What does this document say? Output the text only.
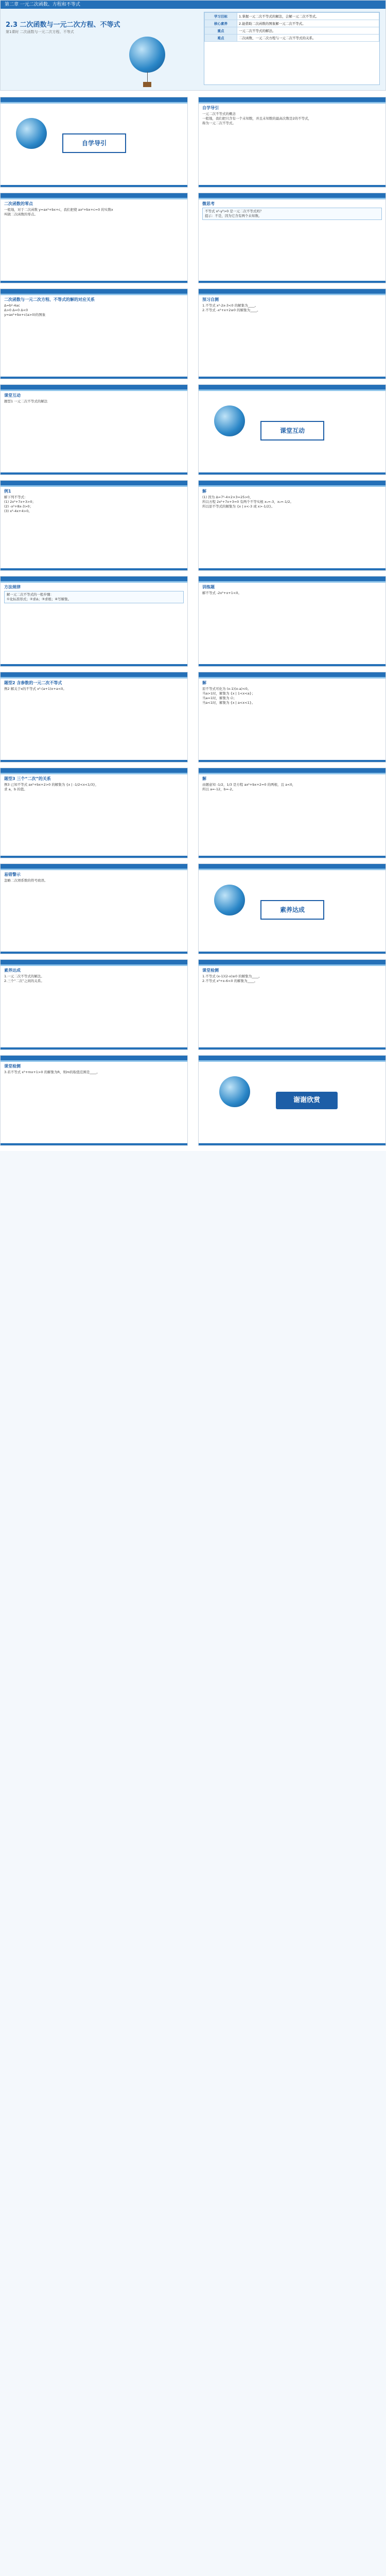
第二章 一元二次函数、方程和不等式
2.3 二次函数与一元二次方程、不等式
第1课时 二次函数与一元二次方程、不等式
学习目标	1.掌握一元二次不等式的解法，会解一元二次不等式。
核心素养	2.能借助二次函数的图象解一元二次不等式。
重点	一元二次不等式的解法。
难点	二次函数、一元二次方程与一元二次不等式的关系。
自学导引
自学导引
一元二次不等式的概念
一般地，我们把只含有一个未知数，并且未知数的最高次数是2的不等式，
称为一元二次不等式。
二次函数的零点
一般地，对于二次函数 y=ax²+bx+c，我们把使 ax²+bx+c=0 的实数x
叫做二次函数的零点。
微思考
不等式 x²-y²>0 是一元二次不等式吗？
提示：不是，因为它含有两个未知数。
二次函数与一元二次方程、不等式的解的对应关系
Δ=b²-4ac
Δ>0 Δ=0 Δ<0
y=ax²+bx+c(a>0)的图象
预习自测
1.不等式 x²-2x-3<0 的解集为____。
2.不等式 -x²+x+2≥0 的解集为____。
课堂互动
题型1 一元二次不等式的解法
课堂互动
例1
解下列不等式：
(1) 2x²+7x+3>0；
(2) -x²+8x-3>0；
(3) x²-4x+4>0。
解
(1) 因为 Δ=7²-4×2×3=25>0，
所以方程 2x²+7x+3=0 有两个不等实根 x₁=-3，x₂=-1/2。
所以原不等式的解集为 {x | x<-3 或 x>-1/2}。
方法规律
解一元二次不等式的一般步骤：
①化标准形式；②求Δ；③求根；④写解集。
训练题
解不等式 -2x²+x+1<0。
题型2 含参数的一元二次不等式
例2 解关于x的不等式 x²-(a+1)x+a<0。
解
原不等式可化为 (x-1)(x-a)<0。
当a>1时，解集为 {x | 1<x<a}；
当a=1时，解集为 ∅；
当a<1时，解集为 {x | a<x<1}。
题型3 三个“二次”的关系
例3 已知不等式 ax²+bx+2>0 的解集为 {x | -1/2<x<1/3}，
求 a，b 的值。
解
由题意知 -1/2，1/3 是方程 ax²+bx+2=0 的两根，且 a<0，
所以 a=-12，b=-2。
易错警示
忽略二次项系数的符号致误。
素养达成
素养达成
1.一元二次不等式的解法。
2.三个“二次”之间的关系。
课堂检测
1.不等式 (x-1)(2-x)≥0 的解集为____。
2.不等式 x²+x-6<0 的解集为____。
课堂检测
3.若不等式 x²+mx+1>0 的解集为R，则m的取值范围是____。
谢谢欣赏
